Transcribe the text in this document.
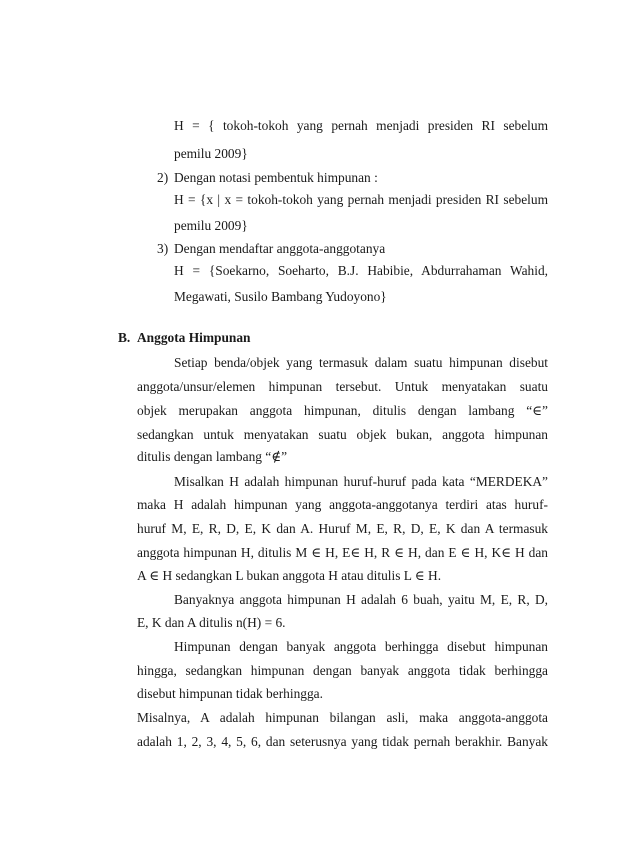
H = { tokoh-tokoh yang pernah menjadi presiden RI sebelum
pemilu 2009}
2) Dengan notasi pembentuk himpunan :
H = {x | x = tokoh-tokoh yang pernah menjadi presiden RI sebelum
pemilu 2009}
3) Dengan mendaftar anggota-anggotanya
H = {Soekarno, Soeharto, B.J. Habibie, Abdurrahaman Wahid,
Megawati, Susilo Bambang Yudoyono}
B. Anggota Himpunan
Setiap benda/objek yang termasuk dalam suatu himpunan disebut
anggota/unsur/elemen himpunan tersebut. Untuk menyatakan suatu
objek merupakan anggota himpunan, ditulis dengan lambang “∈”
sedangkan untuk menyatakan suatu objek bukan, anggota himpunan
ditulis dengan lambang “∉”
Misalkan H adalah himpunan huruf-huruf pada kata “MERDEKA”
maka H adalah himpunan yang anggota-anggotanya terdiri atas huruf-
huruf M, E, R, D, E, K dan A. Huruf M, E, R, D, E, K dan A termasuk
anggota himpunan H, ditulis M ∈ H, E∈ H, R ∈ H, dan E ∈ H, K∈ H dan
A ∈ H sedangkan L bukan anggota H atau ditulis L ∈ H.
Banyaknya anggota himpunan H adalah 6 buah, yaitu M, E, R, D,
E, K dan A ditulis n(H) = 6.
Himpunan dengan banyak anggota berhingga disebut himpunan
hingga, sedangkan himpunan dengan banyak anggota tidak berhingga
disebut himpunan tidak berhingga.
Misalnya, A adalah himpunan bilangan asli, maka anggota-anggota
adalah 1, 2, 3, 4, 5, 6, dan seterusnya yang tidak pernah berakhir. Banyak
